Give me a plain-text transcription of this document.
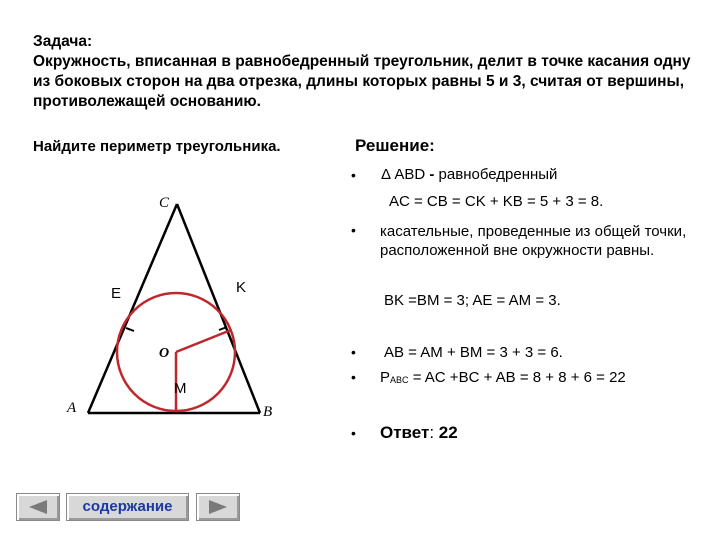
Задача:
Окружность, вписанная в равнобедренный треугольник, делит в точке касания одну из боковых сторон на два отрезка, длины которых равны 5 и 3, считая от вершины, противолежащей основанию.
Найдите периметр треугольника.
C
E	K
O
M
A	B
Решение:
• Δ ABD - равнобедренный
AC = CB = CK + KB = 5 + 3 = 8.
• касательные, проведенные из общей точки, расположенной вне окружности равны.
BK =BM = 3; AE = AM = 3.
• AB = AM + BM = 3 + 3 = 6.
• $P_{ABC}$ = AC +BC + AB = 8 + 8 + 6 = 22
• Ответ: 22
содержание
